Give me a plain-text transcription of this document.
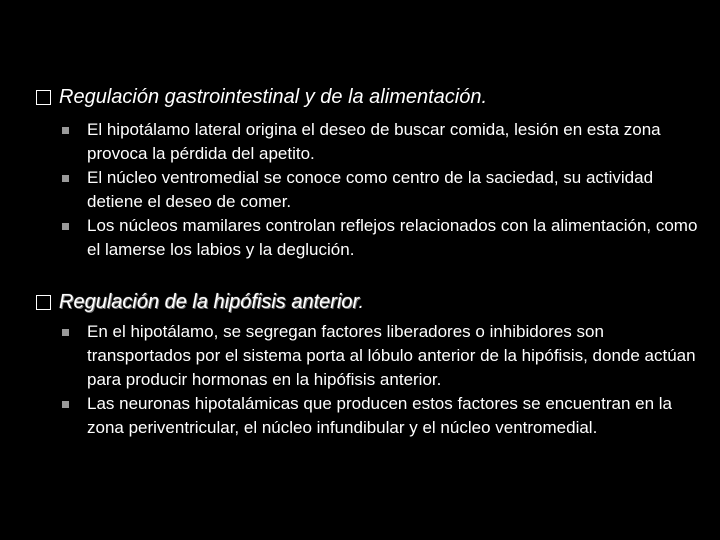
Regulación gastrointestinal y de la alimentación.
El hipotálamo lateral origina el deseo de buscar comida, lesión en esta zona provoca la pérdida del apetito.
El núcleo ventromedial se conoce como centro de la saciedad, su actividad detiene el deseo de comer.
Los núcleos mamilares controlan reflejos relacionados con la alimentación, como el lamerse los labios y la deglución.
Regulación de la hipófisis anterior.
En el hipotálamo, se segregan factores liberadores o inhibidores son transportados por el sistema porta al lóbulo anterior de la hipófisis, donde actúan para producir hormonas en la hipófisis anterior.
Las neuronas hipotalámicas que producen estos factores se encuentran en la zona periventricular, el núcleo infundibular y el núcleo ventromedial.
